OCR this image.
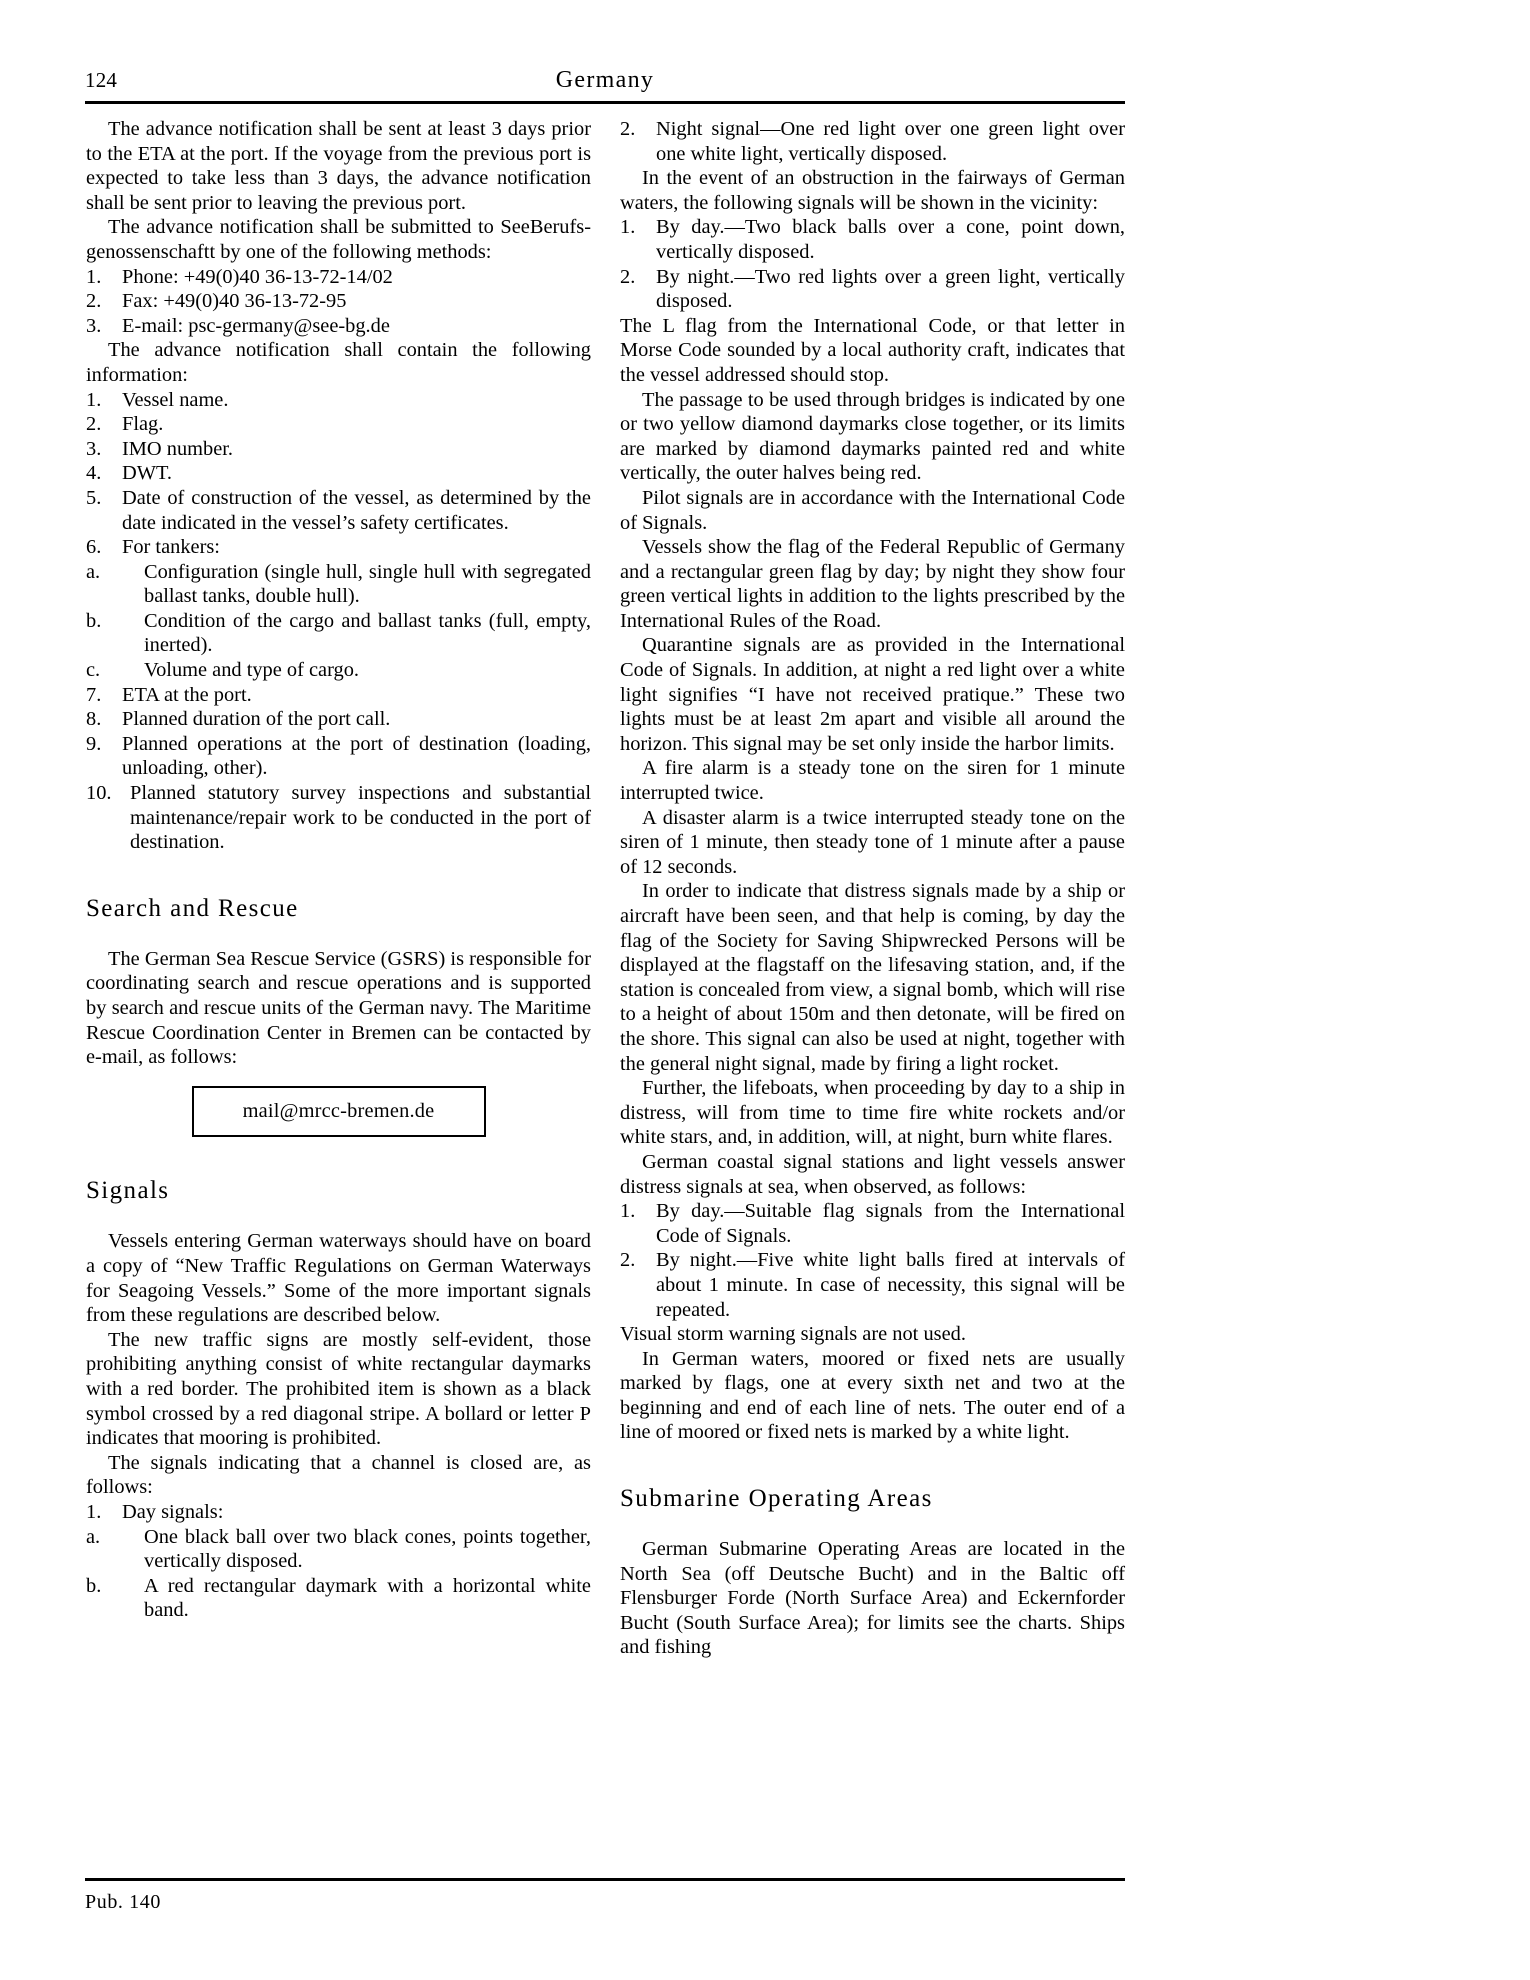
124	Germany

The advance notification shall be sent at least 3 days prior to the ETA at the port. If the voyage from the previous port is expected to take less than 3 days, the advance notification shall be sent prior to leaving the previous port.

The advance notification shall be submitted to SeeBerufs-genossenschaftt by one of the following methods:

1. Phone: +49(0)40 36-13-72-14/02
2. Fax: +49(0)40 36-13-72-95
3. E-mail: psc-germany@see-bg.de

The advance notification shall contain the following information:

1. Vessel name.
2. Flag.
3. IMO number.
4. DWT.
5. Date of construction of the vessel, as determined by the date indicated in the vessel’s safety certificates.
6. For tankers:
a. Configuration (single hull, single hull with segregated ballast tanks, double hull).
b. Condition of the cargo and ballast tanks (full, empty, inerted).
c. Volume and type of cargo.
7. ETA at the port.
8. Planned duration of the port call.
9. Planned operations at the port of destination (loading, unloading, other).
10. Planned statutory survey inspections and substantial maintenance/repair work to be conducted in the port of destination.
Search and Rescue

The German Sea Rescue Service (GSRS) is responsible for coordinating search and rescue operations and is supported by search and rescue units of the German navy. The Maritime Rescue Coordination Center in Bremen can be contacted by e-mail, as follows:

mail@mrcc-bremen.de
Signals

Vessels entering German waterways should have on board a copy of “New Traffic Regulations on German Waterways for Seagoing Vessels.” Some of the more important signals from these regulations are described below.

The new traffic signs are mostly self-evident, those prohibiting anything consist of white rectangular daymarks with a red border. The prohibited item is shown as a black symbol crossed by a red diagonal stripe. A bollard or letter P indicates that mooring is prohibited.

The signals indicating that a channel is closed are, as follows:

1. Day signals:
a. One black ball over two black cones, points together, vertically disposed.
b. A red rectangular daymark with a horizontal white band.
2. Night signal—One red light over one green light over one white light, vertically disposed.

In the event of an obstruction in the fairways of German waters, the following signals will be shown in the vicinity:

1. By day.—Two black balls over a cone, point down, vertically disposed.
2. By night.—Two red lights over a green light, vertically disposed.

The L flag from the International Code, or that letter in Morse Code sounded by a local authority craft, indicates that the vessel addressed should stop.

The passage to be used through bridges is indicated by one or two yellow diamond daymarks close together, or its limits are marked by diamond daymarks painted red and white vertically, the outer halves being red.

Pilot signals are in accordance with the International Code of Signals.

Vessels show the flag of the Federal Republic of Germany and a rectangular green flag by day; by night they show four green vertical lights in addition to the lights prescribed by the International Rules of the Road.

Quarantine signals are as provided in the International Code of Signals. In addition, at night a red light over a white light signifies “I have not received pratique.” These two lights must be at least 2m apart and visible all around the horizon. This signal may be set only inside the harbor limits.

A fire alarm is a steady tone on the siren for 1 minute interrupted twice.

A disaster alarm is a twice interrupted steady tone on the siren of 1 minute, then steady tone of 1 minute after a pause of 12 seconds.

In order to indicate that distress signals made by a ship or aircraft have been seen, and that help is coming, by day the flag of the Society for Saving Shipwrecked Persons will be displayed at the flagstaff on the lifesaving station, and, if the station is concealed from view, a signal bomb, which will rise to a height of about 150m and then detonate, will be fired on the shore. This signal can also be used at night, together with the general night signal, made by firing a light rocket.

Further, the lifeboats, when proceeding by day to a ship in distress, will from time to time fire white rockets and/or white stars, and, in addition, will, at night, burn white flares.

German coastal signal stations and light vessels answer distress signals at sea, when observed, as follows:

1. By day.—Suitable flag signals from the International Code of Signals.
2. By night.—Five white light balls fired at intervals of about 1 minute. In case of necessity, this signal will be repeated.

Visual storm warning signals are not used.

In German waters, moored or fixed nets are usually marked by flags, one at every sixth net and two at the beginning and end of each line of nets. The outer end of a line of moored or fixed nets is marked by a white light.

Submarine Operating Areas

German Submarine Operating Areas are located in the North Sea (off Deutsche Bucht) and in the Baltic off Flensburger Forde (North Surface Area) and Eckernforder Bucht (South Surface Area); for limits see the charts. Ships and fishing

Pub. 140
